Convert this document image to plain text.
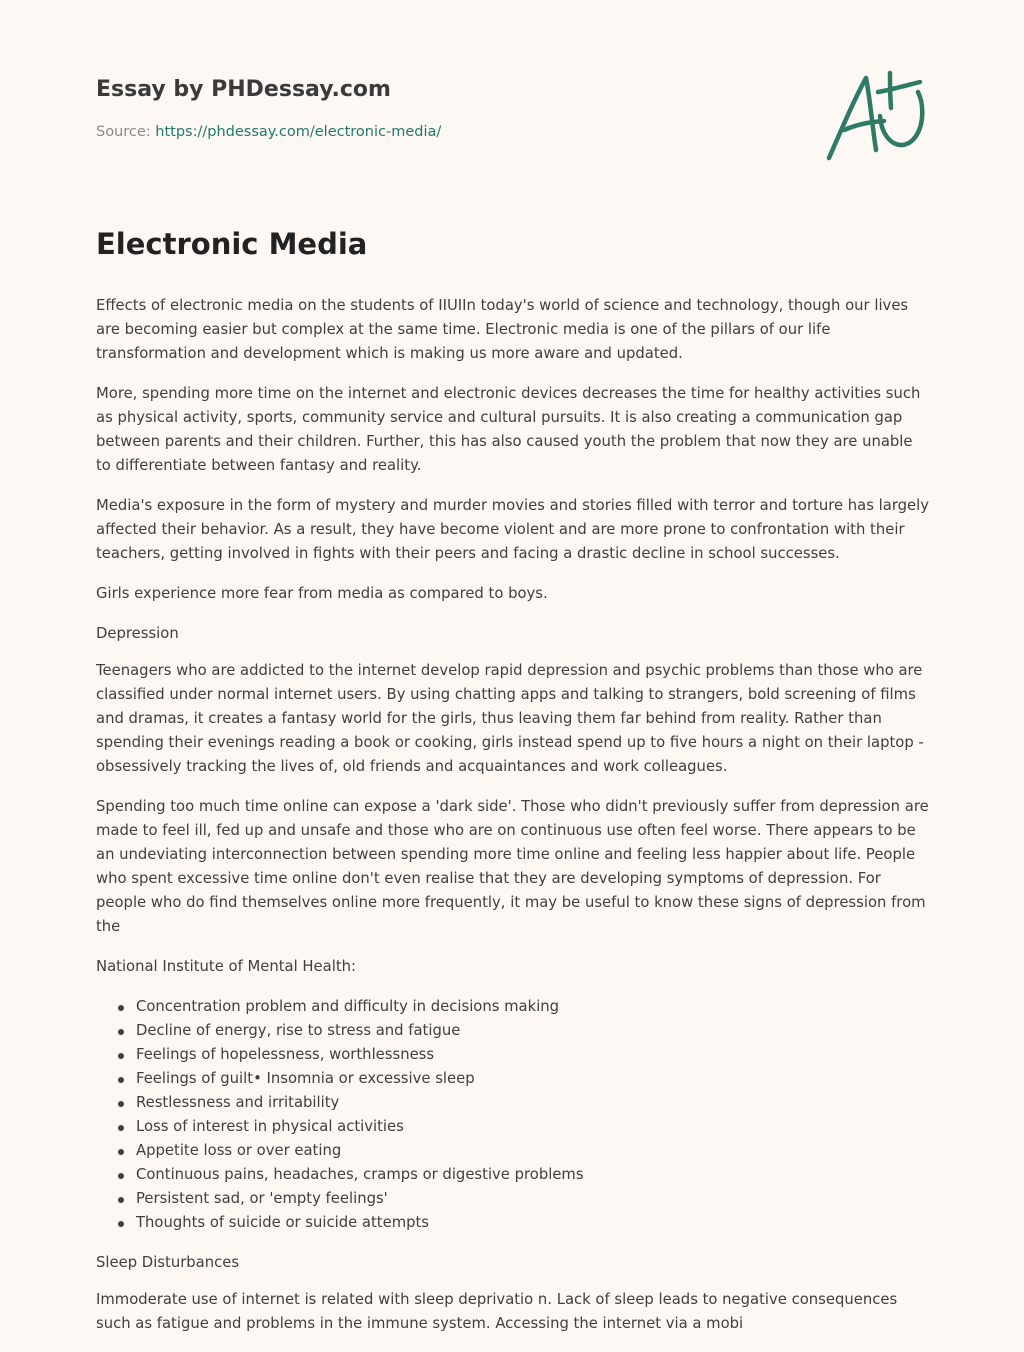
Essay by PHDessay.com
Source: https://phdessay.com/electronic-media/
Electronic Media

Effects of electronic media on the students of IIUIIn today's world of science and technology, though our lives are becoming easier but complex at the same time. Electronic media is one of the pillars of our life transformation and development which is making us more aware and updated.

More, spending more time on the internet and electronic devices decreases the time for healthy activities such as physical activity, sports, community service and cultural pursuits. It is also creating a communication gap between parents and their children. Further, this has also caused youth the problem that now they are unable to differentiate between fantasy and reality.

Media's exposure in the form of mystery and murder movies and stories filled with terror and torture has largely affected their behavior. As a result, they have become violent and are more prone to confrontation with their teachers, getting involved in fights with their peers and facing a drastic decline in school successes.

Girls experience more fear from media as compared to boys.

Depression

Teenagers who are addicted to the internet develop rapid depression and psychic problems than those who are classified under normal internet users. By using chatting apps and talking to strangers, bold screening of films and dramas, it creates a fantasy world for the girls, thus leaving them far behind from reality. Rather than spending their evenings reading a book or cooking, girls instead spend up to five hours a night on their laptop - obsessively tracking the lives of, old friends and acquaintances and work colleagues.

Spending too much time online can expose a 'dark side'. Those who didn't previously suffer from depression are made to feel ill, fed up and unsafe and those who are on continuous use often feel worse. There appears to be an undeviating interconnection between spending more time online and feeling less happier about life. People who spent excessive time online don't even realise that they are developing symptoms of depression. For people who do find themselves online more frequently, it may be useful to know these signs of depression from the

National Institute of Mental Health:

Concentration problem and difficulty in decisions making
Decline of energy, rise to stress and fatigue
Feelings of hopelessness, worthlessness
Feelings of guilt• Insomnia or excessive sleep
Restlessness and irritability
Loss of interest in physical activities
Appetite loss or over eating
Continuous pains, headaches, cramps or digestive problems
Persistent sad, or 'empty feelings'
Thoughts of suicide or suicide attempts

Sleep Disturbances

Immoderate use of internet is related with sleep deprivatio n. Lack of sleep leads to negative consequences such as fatigue and problems in the immune system. Accessing the internet via a mobi
